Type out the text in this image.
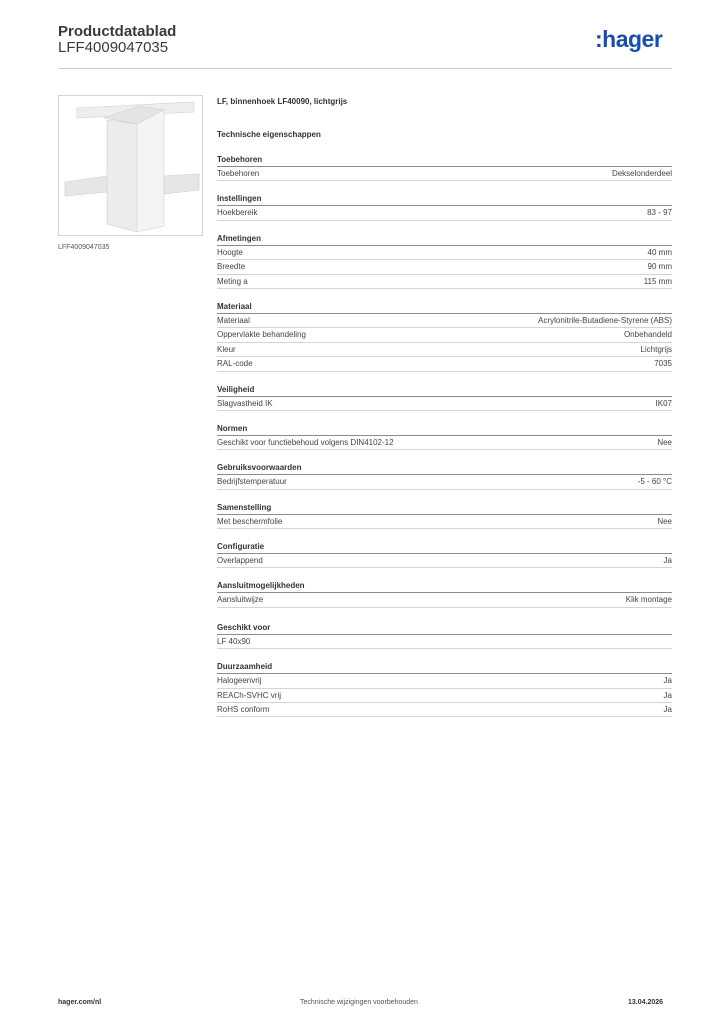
Productdatablad
LFF4009047035	:hager
LFF4009047035
LF, binnenhoek LF40090, lichtgrijs
Technische eigenschappen
Toebehoren
Toebehoren	Dekselonderdeel
Instellingen
Hoekbereik	83 - 97
Afmetingen
Hoogte	40 mm
Breedte	90 mm
Meting a	115 mm
Materiaal
Materiaal	Acrylonitrile-Butadiene-Styrene (ABS)
Oppervlakte behandeling	Onbehandeld
Kleur	Lichtgrijs
RAL-code	7035
Veiligheid
Slagvastheid IK	IK07
Normen
Geschikt voor functiebehoud volgens DIN4102-12	Nee
Gebruiksvoorwaarden
Bedrijfstemperatuur	-5 - 60 °C
Samenstelling
Met beschermfolie	Nee
Configuratie
Overlappend	Ja
Aansluitmogelijkheden
Aansluitwijze	Klik montage
Geschikt voor
LF 40x90
Duurzaamheid
Halogeenvrij	Ja
REACh-SVHC vrij	Ja
RoHS conform	Ja
hager.com/nl	Technische wijzigingen voorbehouden	13.04.2026
